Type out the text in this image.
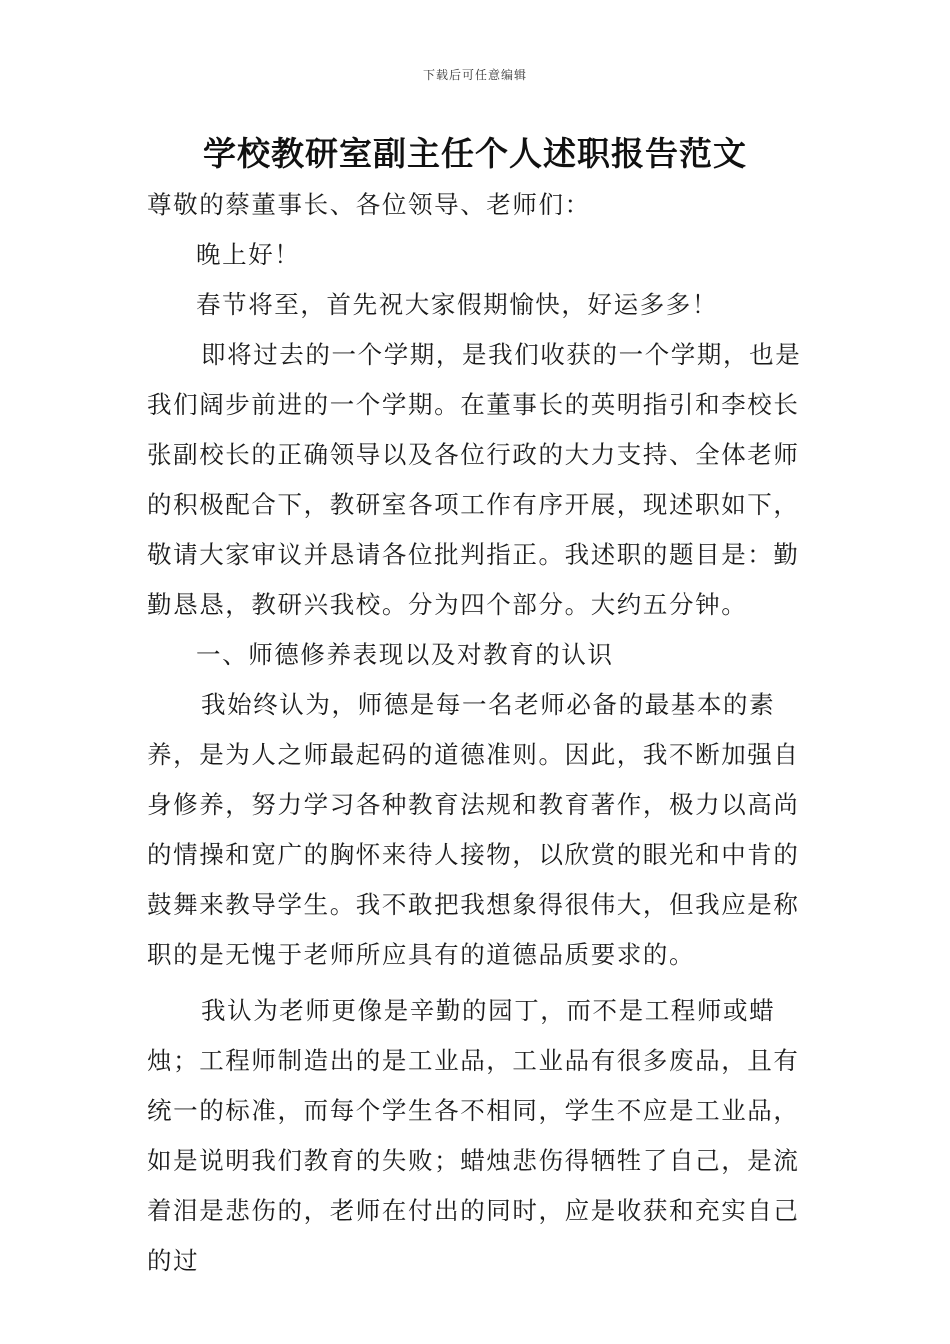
下载后可任意编辑
学校教研室副主任个人述职报告范文

尊敬的蔡董事长、各位领导、老师们：

晚上好！

春节将至，首先祝大家假期愉快，好运多多！

即将过去的一个学期，是我们收获的一个学期，也是我们阔步前进的一个学期。在董事长的英明指引和李校长张副校长的正确领导以及各位行政的大力支持、全体老师的积极配合下，教研室各项工作有序开展，现述职如下，敬请大家审议并恳请各位批判指正。我述职的题目是：勤勤恳恳，教研兴我校。分为四个部分。大约五分钟。

一、师德修养表现以及对教育的认识

我始终认为，师德是每一名老师必备的最基本的素养，是为人之师最起码的道德准则。因此，我不断加强自身修养，努力学习各种教育法规和教育著作，极力以高尚的情操和宽广的胸怀来待人接物，以欣赏的眼光和中肯的鼓舞来教导学生。我不敢把我想象得很伟大，但我应是称职的是无愧于老师所应具有的道德品质要求的。

我认为老师更像是辛勤的园丁，而不是工程师或蜡烛；工程师制造出的是工业品，工业品有很多废品，且有统一的标准，而每个学生各不相同，学生不应是工业品，如是说明我们教育的失败；蜡烛悲伤得牺牲了自己，是流着泪是悲伤的，老师在付出的同时，应是收获和充实自己的过
